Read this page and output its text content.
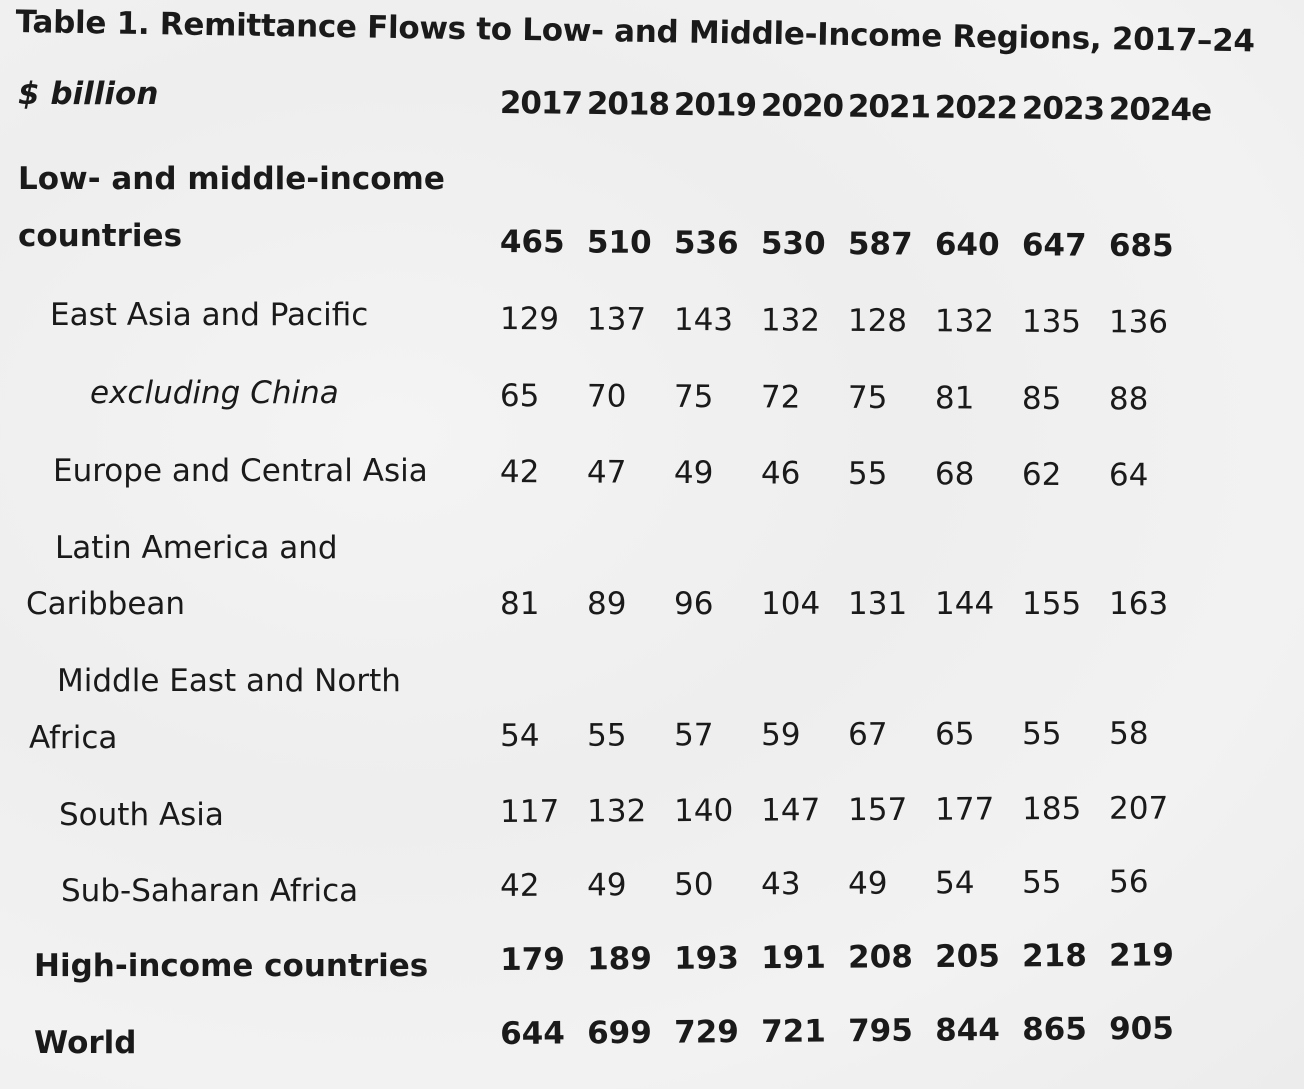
Table 1. Remittance Flows to Low- and Middle-Income Regions, 2017–24
$ billion	2017 2018 2019 2020 2021 2022 2023 2024e
Low- and middle-income
countries	465 510 536 530 587 640 647 685
East Asia and Pacific	129 137 143 132 128 132 135 136
excluding China	65 70 75 72 75 81 85 88
Europe and Central Asia 42 47 49 46 55 68 62 64
Latin America and
Caribbean	81 89 96 104 131 144 155 163
Middle East and North
Africa	54 55 57 59 67 65 55 58
South Asia	117 132 140 147 157 177 185 207
Sub-Saharan Africa	42 49 50 43 49 54 55 56
High-income countries 179 189 193 191 208 205 218 219
World	644 699 729 721 795 844 865 905
